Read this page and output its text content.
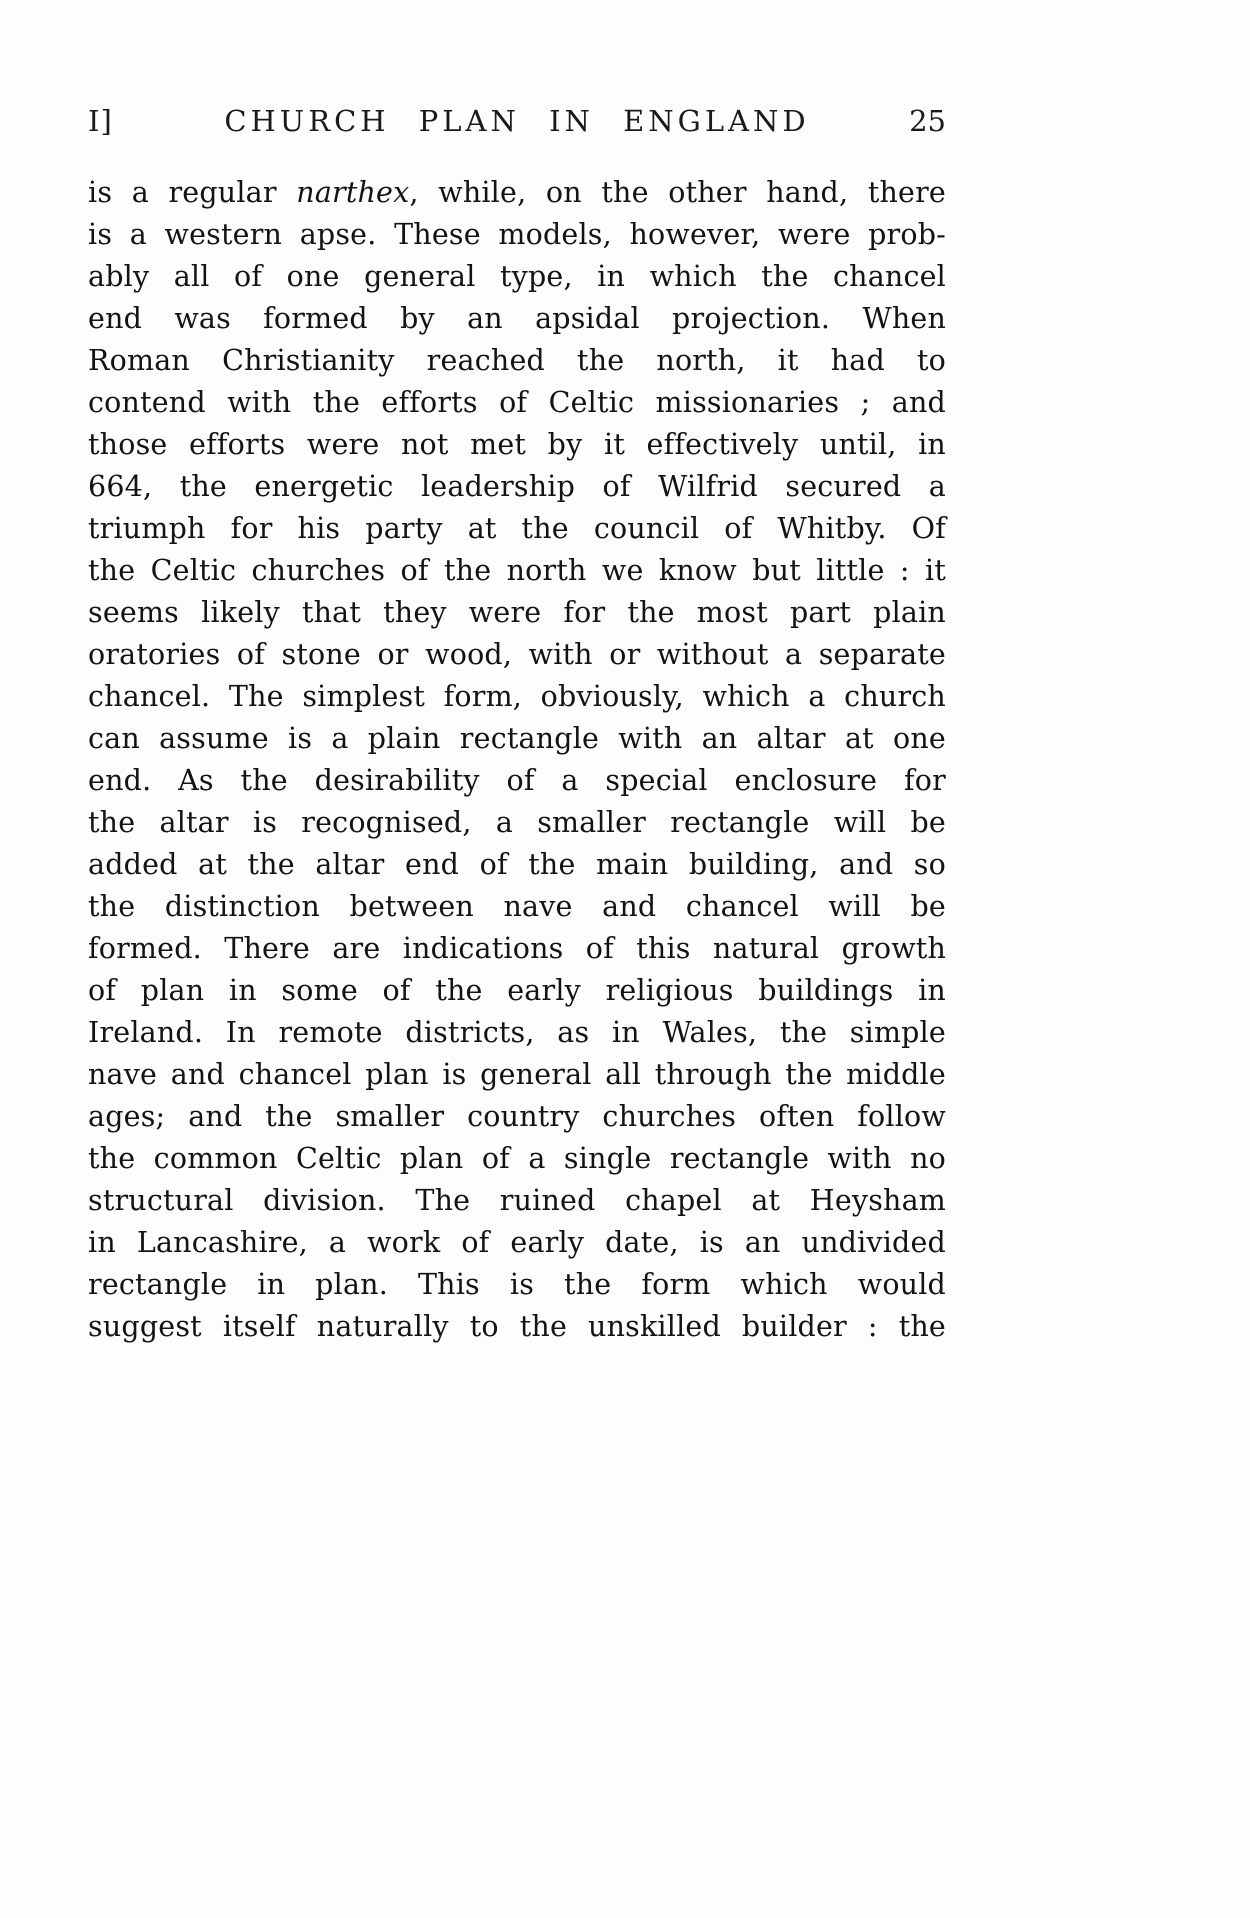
I]	CHURCH PLAN IN ENGLAND	25
is a regular narthex, while, on the other hand, there
is a western apse. These models, however, were prob-
ably all of one general type, in which the chancel
end was formed by an apsidal projection. When
Roman Christianity reached the north, it had to
contend with the efforts of Celtic missionaries ; and
those efforts were not met by it effectively until, in
664, the energetic leadership of Wilfrid secured a
triumph for his party at the council of Whitby. Of
the Celtic churches of the north we know but little : it
seems likely that they were for the most part plain
oratories of stone or wood, with or without a separate
chancel. The simplest form, obviously, which a church
can assume is a plain rectangle with an altar at one
end. As the desirability of a special enclosure for
the altar is recognised, a smaller rectangle will be
added at the altar end of the main building, and so
the distinction between nave and chancel will be
formed. There are indications of this natural growth
of plan in some of the early religious buildings in
Ireland. In remote districts, as in Wales, the simple
nave and chancel plan is general all through the middle
ages; and the smaller country churches often follow
the common Celtic plan of a single rectangle with no
structural division. The ruined chapel at Heysham
in Lancashire, a work of early date, is an undivided
rectangle in plan. This is the form which would
suggest itself naturally to the unskilled builder : the
